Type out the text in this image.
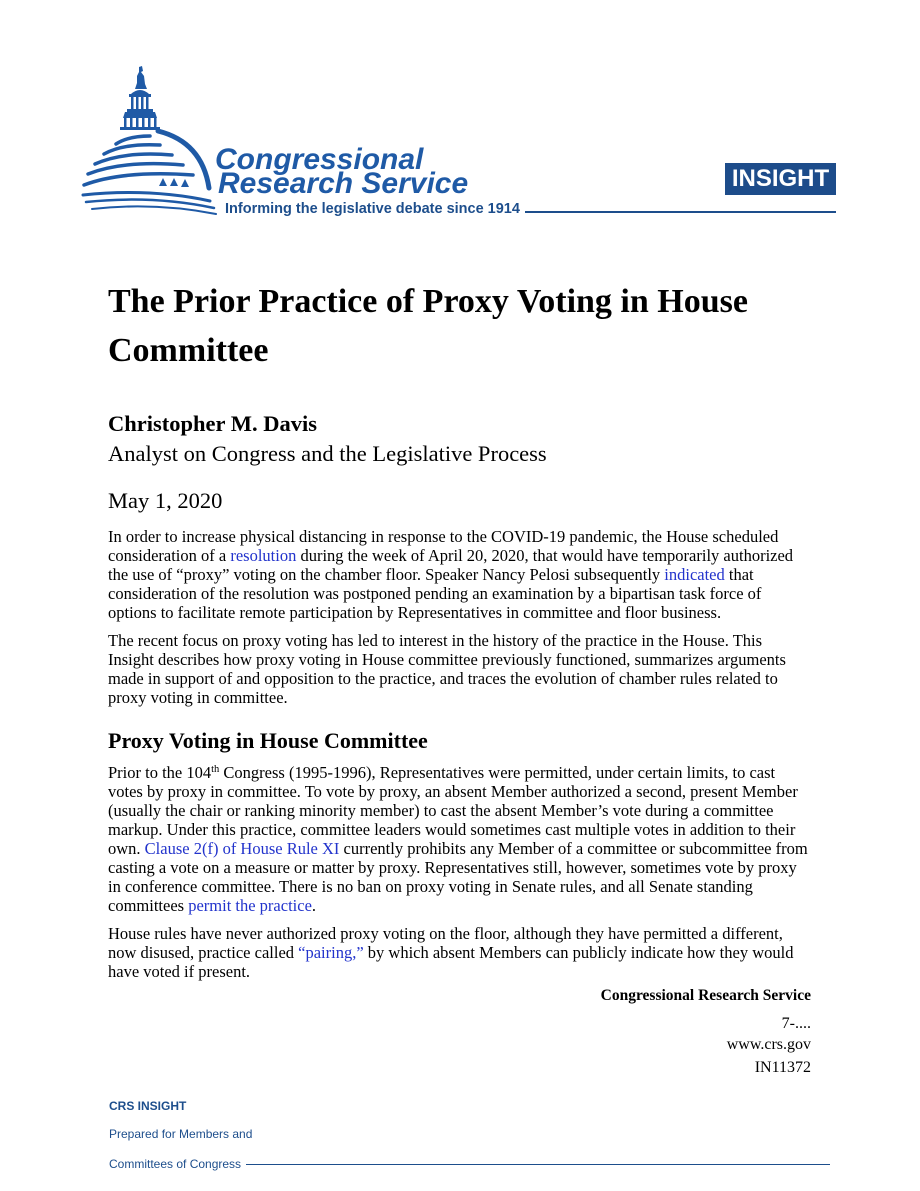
Congressional
Research Service
Informing the legislative debate since 1914
INSIGHT
The Prior Practice of Proxy Voting in House
Committee
Christopher M. Davis
Analyst on Congress and the Legislative Process
May 1, 2020
In order to increase physical distancing in response to the COVID-19 pandemic, the House scheduled
consideration of a resolution during the week of April 20, 2020, that would have temporarily authorized
the use of “proxy” voting on the chamber floor. Speaker Nancy Pelosi subsequently indicated that
consideration of the resolution was postponed pending an examination by a bipartisan task force of
options to facilitate remote participation by Representatives in committee and floor business.
The recent focus on proxy voting has led to interest in the history of the practice in the House. This
Insight describes how proxy voting in House committee previously functioned, summarizes arguments
made in support of and opposition to the practice, and traces the evolution of chamber rules related to
proxy voting in committee.
Proxy Voting in House Committee
Prior to the 104th Congress (1995-1996), Representatives were permitted, under certain limits, to cast
votes by proxy in committee. To vote by proxy, an absent Member authorized a second, present Member
(usually the chair or ranking minority member) to cast the absent Member’s vote during a committee
markup. Under this practice, committee leaders would sometimes cast multiple votes in addition to their
own. Clause 2(f) of House Rule XI currently prohibits any Member of a committee or subcommittee from
casting a vote on a measure or matter by proxy. Representatives still, however, sometimes vote by proxy
in conference committee. There is no ban on proxy voting in Senate rules, and all Senate standing
committees permit the practice.
House rules have never authorized proxy voting on the floor, although they have permitted a different,
now disused, practice called “pairing,” by which absent Members can publicly indicate how they would
have voted if present.
Congressional Research Service
7-....
www.crs.gov
IN11372
CRS INSIGHT
Prepared for Members and
Committees of Congress
